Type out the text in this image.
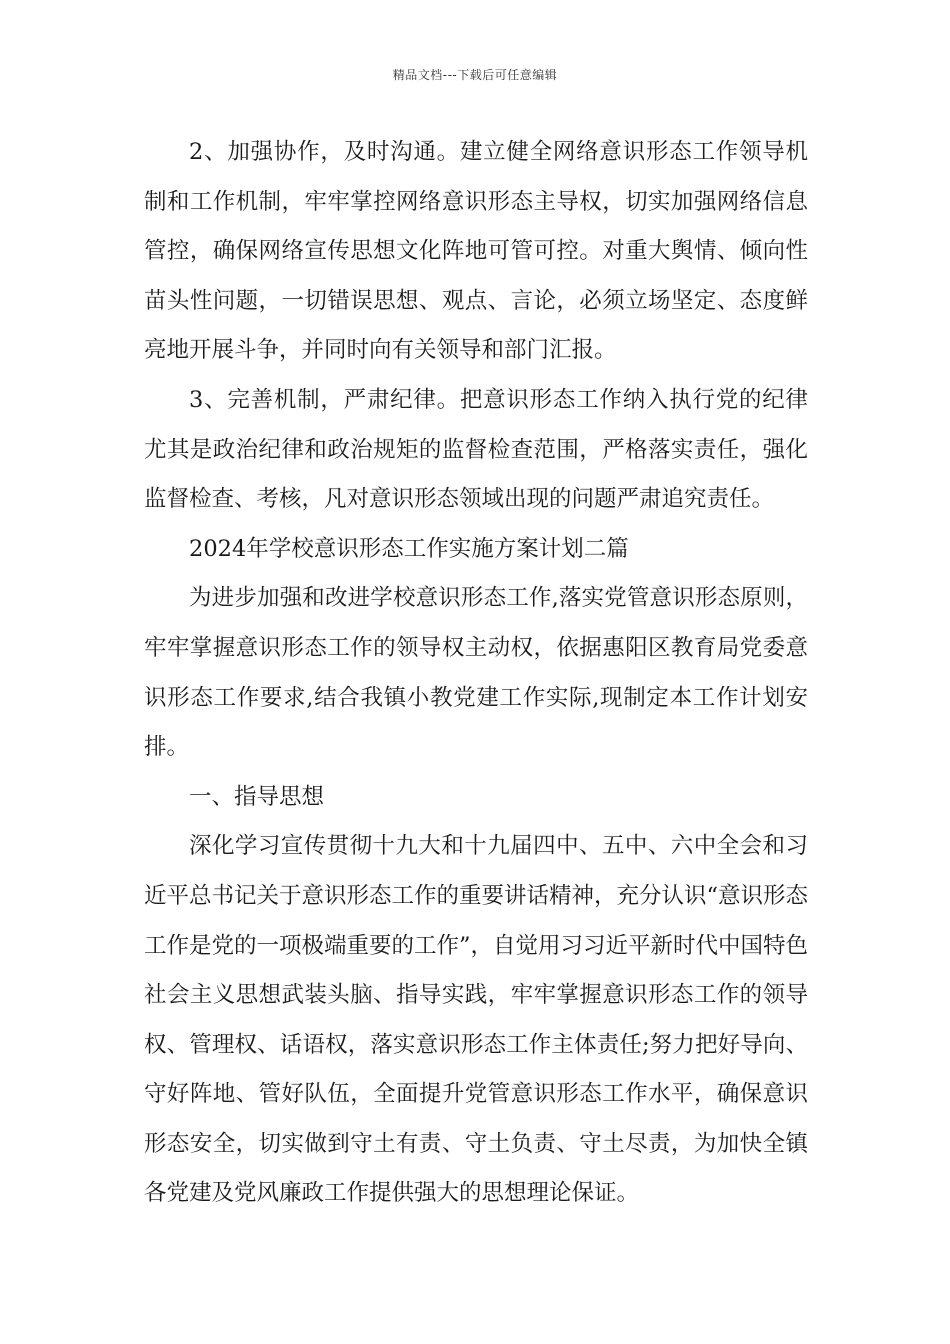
精品文档---下载后可任意编辑

2、加强协作，及时沟通。建立健全网络意识形态工作领导机制和工作机制，牢牢掌控网络意识形态主导权，切实加强网络信息管控，确保网络宣传思想文化阵地可管可控。对重大舆情、倾向性苗头性问题，一切错误思想、观点、言论，必须立场坚定、态度鲜亮地开展斗争，并同时向有关领导和部门汇报。

3、完善机制，严肃纪律。把意识形态工作纳入执行党的纪律尤其是政治纪律和政治规矩的监督检查范围，严格落实责任，强化监督检查、考核，凡对意识形态领域出现的问题严肃追究责任。

2024年学校意识形态工作实施方案计划二篇

为进步加强和改进学校意识形态工作,落实党管意识形态原则，牢牢掌握意识形态工作的领导权主动权，依据惠阳区教育局党委意识形态工作要求,结合我镇小教党建工作实际,现制定本工作计划安排。

一、指导思想

深化学习宣传贯彻十九大和十九届四中、五中、六中全会和习近平总书记关于意识形态工作的重要讲话精神，充分认识“意识形态工作是党的一项极端重要的工作”，自觉用习习近平新时代中国特色社会主义思想武装头脑、指导实践，牢牢掌握意识形态工作的领导权、管理权、话语权，落实意识形态工作主体责任;努力把好导向、守好阵地、管好队伍，全面提升党管意识形态工作水平，确保意识形态安全，切实做到守土有责、守土负责、守土尽责，为加快全镇各党建及党风廉政工作提供强大的思想理论保证。
